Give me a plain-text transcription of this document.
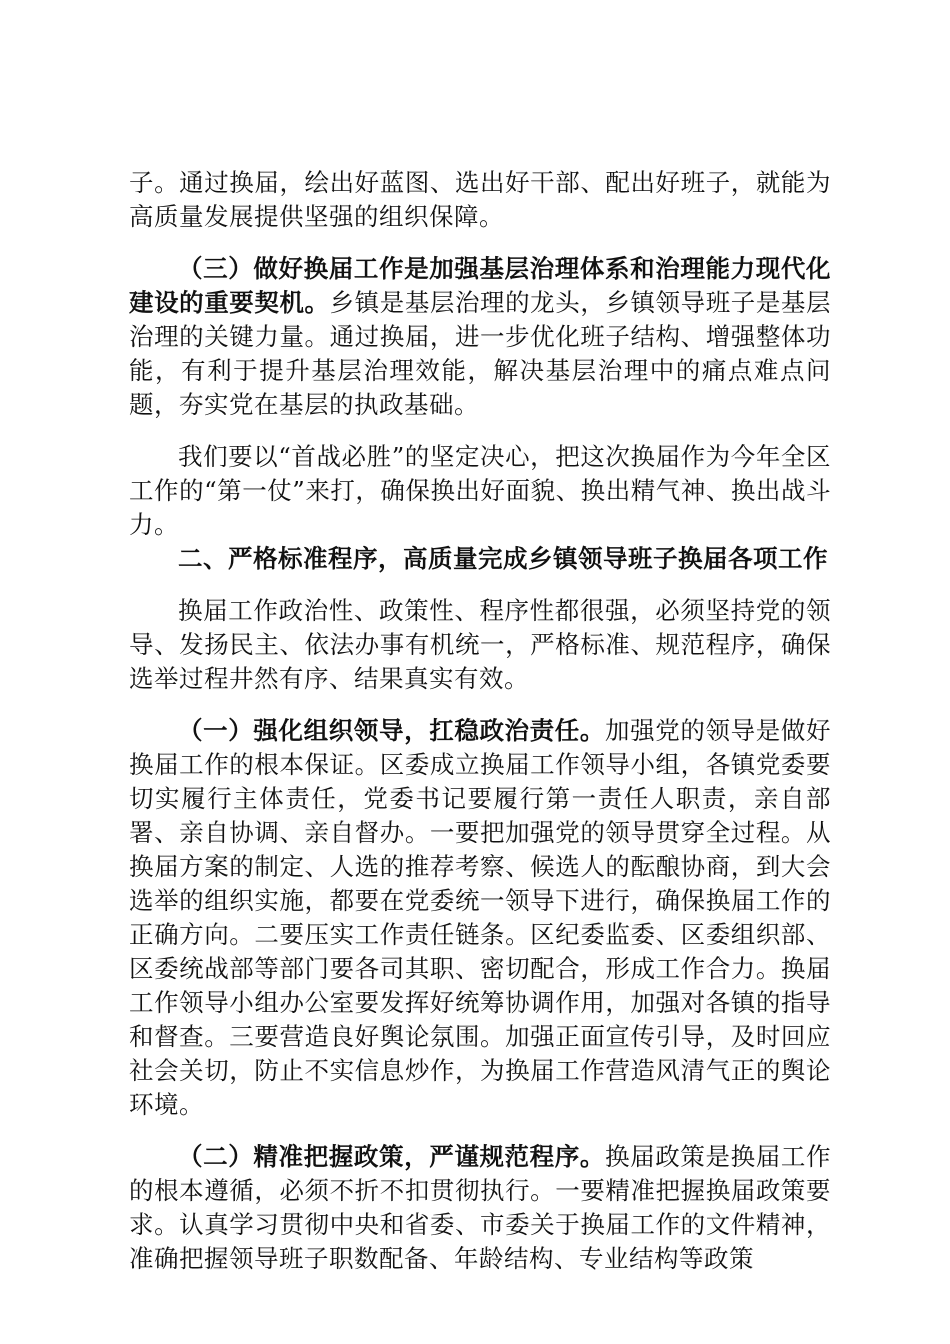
子。通过换届，绘出好蓝图、选出好干部、配出好班子，就能为高质量发展提供坚强的组织保障。

（三）做好换届工作是加强基层治理体系和治理能力现代化建设的重要契机。乡镇是基层治理的龙头，乡镇领导班子是基层治理的关键力量。通过换届，进一步优化班子结构、增强整体功能，有利于提升基层治理效能，解决基层治理中的痛点难点问题，夯实党在基层的执政基础。

我们要以“首战必胜”的坚定决心，把这次换届作为今年全区工作的“第一仗”来打，确保换出好面貌、换出精气神、换出战斗力。

二、严格标准程序，高质量完成乡镇领导班子换届各项工作

换届工作政治性、政策性、程序性都很强，必须坚持党的领导、发扬民主、依法办事有机统一，严格标准、规范程序，确保选举过程井然有序、结果真实有效。

（一）强化组织领导，扛稳政治责任。加强党的领导是做好换届工作的根本保证。区委成立换届工作领导小组，各镇党委要切实履行主体责任，党委书记要履行第一责任人职责，亲自部署、亲自协调、亲自督办。一要把加强党的领导贯穿全过程。从换届方案的制定、人选的推荐考察、候选人的酝酿协商，到大会选举的组织实施，都要在党委统一领导下进行，确保换届工作的正确方向。二要压实工作责任链条。区纪委监委、区委组织部、区委统战部等部门要各司其职、密切配合，形成工作合力。换届工作领导小组办公室要发挥好统筹协调作用，加强对各镇的指导和督查。三要营造良好舆论氛围。加强正面宣传引导，及时回应社会关切，防止不实信息炒作，为换届工作营造风清气正的舆论环境。

（二）精准把握政策，严谨规范程序。换届政策是换届工作的根本遵循，必须不折不扣贯彻执行。一要精准把握换届政策要求。认真学习贯彻中央和省委、市委关于换届工作的文件精神，准确把握领导班子职数配备、年龄结构、专业结构等政策
